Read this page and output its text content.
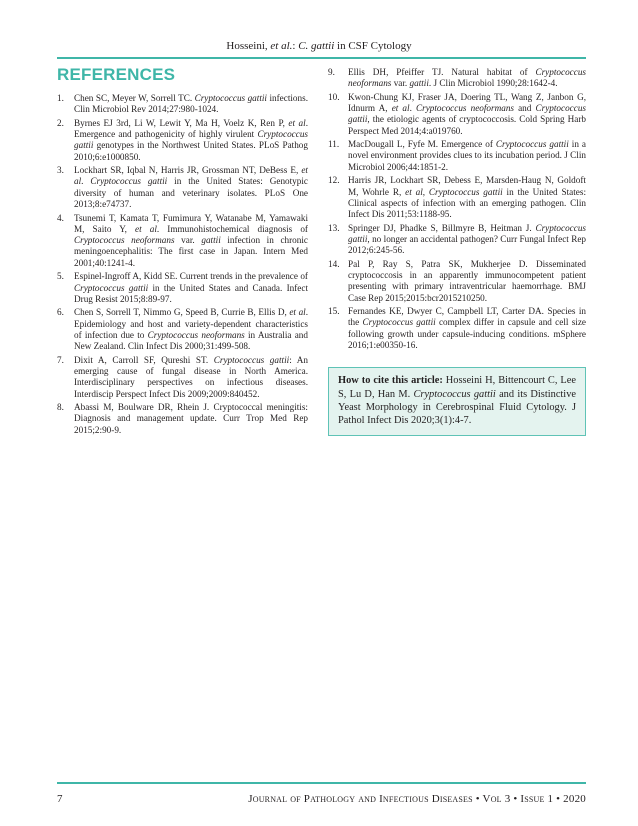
Hosseini, et al.: C. gattii in CSF Cytology
REFERENCES
1. Chen SC, Meyer W, Sorrell TC. Cryptococcus gattii infections. Clin Microbiol Rev 2014;27:980-1024.
2. Byrnes EJ 3rd, Li W, Lewit Y, Ma H, Voelz K, Ren P, et al. Emergence and pathogenicity of highly virulent Cryptococcus gattii genotypes in the Northwest United States. PLoS Pathog 2010;6:e1000850.
3. Lockhart SR, Iqbal N, Harris JR, Grossman NT, DeBess E, et al. Cryptococcus gattii in the United States: Genotypic diversity of human and veterinary isolates. PLoS One 2013;8:e74737.
4. Tsunemi T, Kamata T, Fumimura Y, Watanabe M, Yamawaki M, Saito Y, et al. Immunohistochemical diagnosis of Cryptococcus neoformans var. gattii infection in chronic meningoencephalitis: The first case in Japan. Intern Med 2001;40:1241-4.
5. Espinel-Ingroff A, Kidd SE. Current trends in the prevalence of Cryptococcus gattii in the United States and Canada. Infect Drug Resist 2015;8:89-97.
6. Chen S, Sorrell T, Nimmo G, Speed B, Currie B, Ellis D, et al. Epidemiology and host and variety-dependent characteristics of infection due to Cryptococcus neoformans in Australia and New Zealand. Clin Infect Dis 2000;31:499-508.
7. Dixit A, Carroll SF, Qureshi ST. Cryptococcus gattii: An emerging cause of fungal disease in North America. Interdisciplinary perspectives on infectious diseases. Interdiscip Perspect Infect Dis 2009;2009:840452.
8. Abassi M, Boulware DR, Rhein J. Cryptococcal meningitis: Diagnosis and management update. Curr Trop Med Rep 2015;2:90-9.
9. Ellis DH, Pfeiffer TJ. Natural habitat of Cryptococcus neoformans var. gattii. J Clin Microbiol 1990;28:1642-4.
10. Kwon-Chung KJ, Fraser JA, Doering TL, Wang Z, Janbon G, Idnurm A, et al. Cryptococcus neoformans and Cryptococcus gattii, the etiologic agents of cryptococcosis. Cold Spring Harb Perspect Med 2014;4:a019760.
11. MacDougall L, Fyfe M. Emergence of Cryptococcus gattii in a novel environment provides clues to its incubation period. J Clin Microbiol 2006;44:1851-2.
12. Harris JR, Lockhart SR, Debess E, Marsden-Haug N, Goldoft M, Wohrle R, et al, Cryptococcus gattii in the United States: Clinical aspects of infection with an emerging pathogen. Clin Infect Dis 2011;53:1188-95.
13. Springer DJ, Phadke S, Billmyre B, Heitman J. Cryptococcus gattii, no longer an accidental pathogen? Curr Fungal Infect Rep 2012;6:245-56.
14. Pal P, Ray S, Patra SK, Mukherjee D. Disseminated cryptococcosis in an apparently immunocompetent patient presenting with primary intraventricular haemorrhage. BMJ Case Rep 2015;2015:bcr2015210250.
15. Fernandes KE, Dwyer C, Campbell LT, Carter DA. Species in the Cryptococcus gattii complex differ in capsule and cell size following growth under capsule-inducing conditions. mSphere 2016;1:e00350-16.
How to cite this article: Hosseini H, Bittencourt C, Lee S, Lu D, Han M. Cryptococcus gattii and its Distinctive Yeast Morphology in Cerebrospinal Fluid Cytology. J Pathol Infect Dis 2020;3(1):4-7.
7	Journal of Pathology and Infectious Diseases • Vol 3 • Issue 1 • 2020
